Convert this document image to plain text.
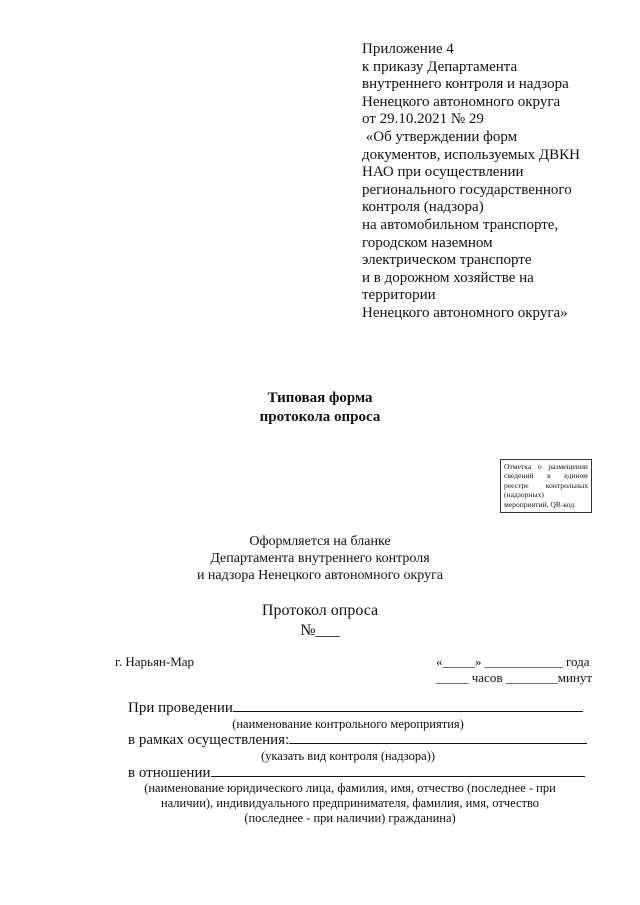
Приложение 4
к приказу Департамента
внутреннего контроля и надзора
Ненецкого автономного округа
от 29.10.2021 № 29
«Об утверждении форм
документов, используемых ДВКН
НАО при осуществлении
регионального государственного
контроля (надзора)
на автомобильном транспорте,
городском наземном
электрическом транспорте
и в дорожном хозяйстве на
территории
Ненецкого автономного округа»
Типовая форма
протокола опроса
Отметка о размещении сведений в едином реестре контрольных (надзорных) мероприятий, QR-код
Оформляется на бланке
Департамента внутреннего контроля
и надзора Ненецкого автономного округа
Протокол опроса
№___
г. Нарьян-Мар	«_____» ____________ года
_____ часов ________минут
При проведении
(наименование контрольного мероприятия)
в рамках осуществления:
(указать вид контроля (надзора))
в отношении
(наименование юридического лица, фамилия, имя, отчество (последнее - при наличии), индивидуального предпринимателя, фамилия, имя, отчество (последнее - при наличии) гражданина)
